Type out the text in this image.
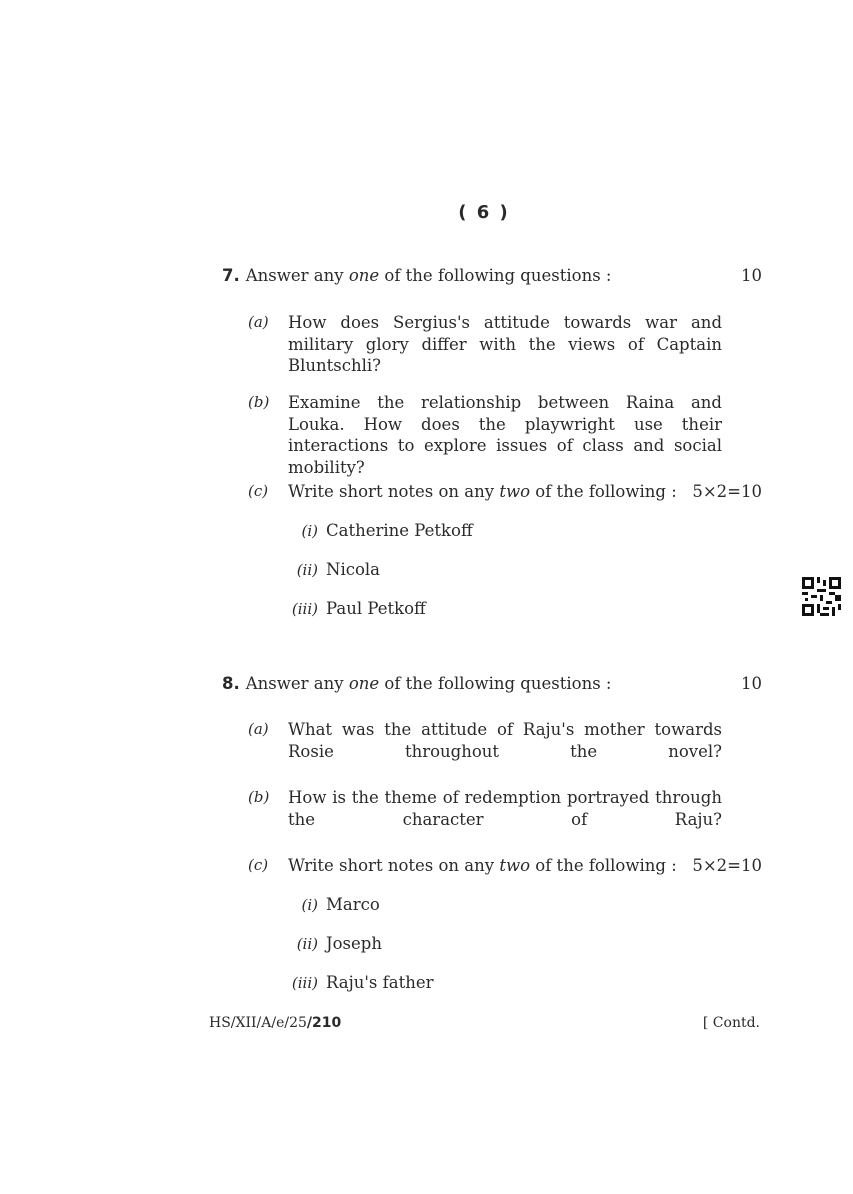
( 6 )
7. Answer any one of the following questions :	10
(a) How does Sergius's attitude towards war and military glory differ with the views of Captain Bluntschli?
(b) Examine the relationship between Raina and Louka. How does the playwright use their interactions to explore issues of class and social mobility?
(c) Write short notes on any two of the following : 5×2=10
(i) Catherine Petkoff
(ii) Nicola
(iii) Paul Petkoff
8. Answer any one of the following questions :	10
(a) What was the attitude of Raju's mother towards Rosie throughout the novel?
(b) How is the theme of redemption portrayed through the character of Raju?
(c) Write short notes on any two of the following : 5×2=10
(i) Marco
(ii) Joseph
(iii) Raju's father
HS/XII/A/e/25/210	[ Contd.
